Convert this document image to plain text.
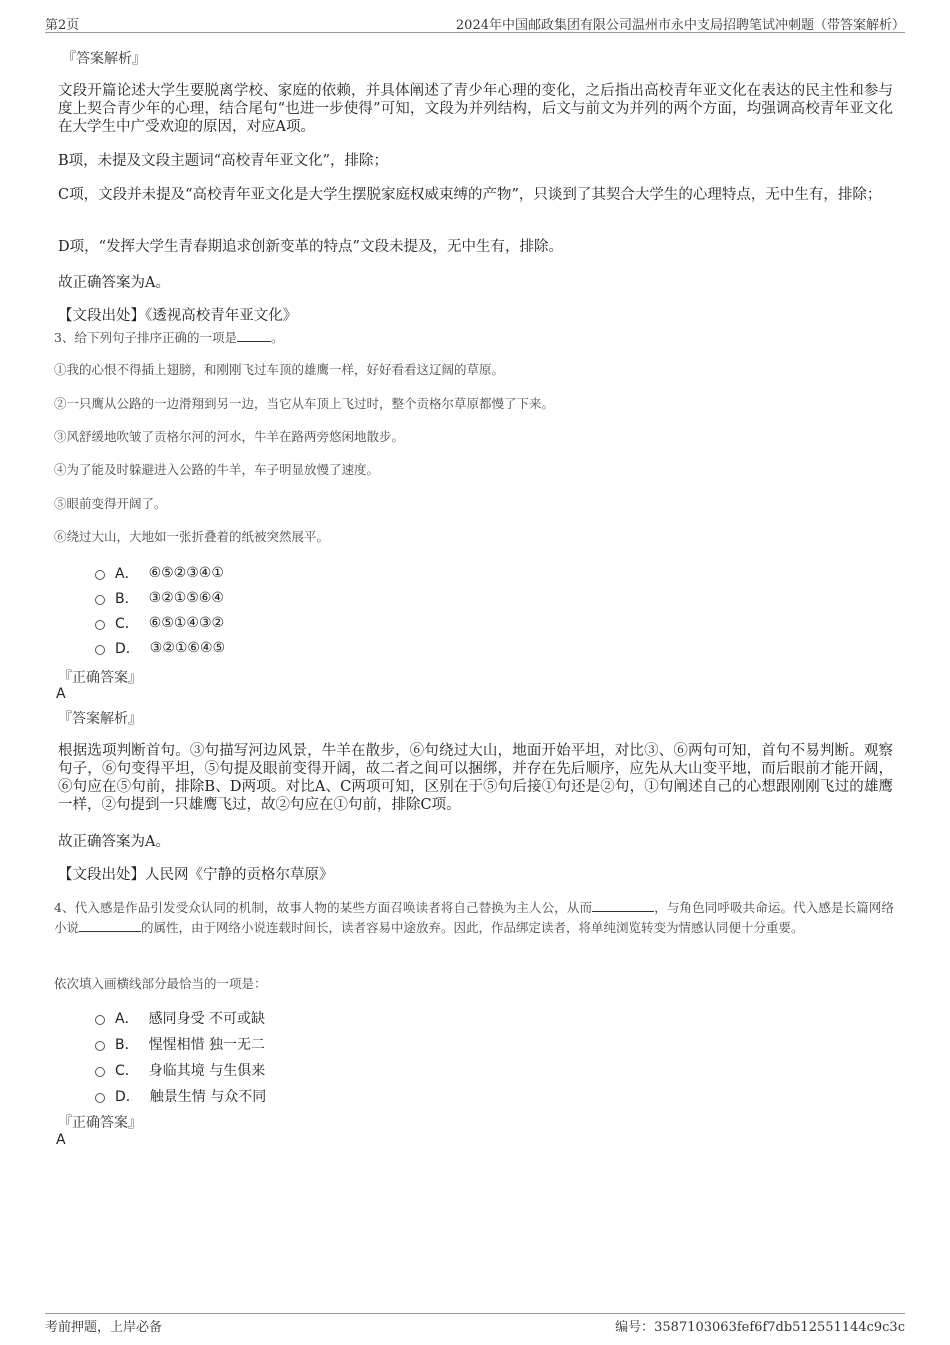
第2页	2024年中国邮政集团有限公司温州市永中支局招聘笔试冲刺题（带答案解析）
『答案解析』
文段开篇论述大学生要脱离学校、家庭的依赖，并具体阐述了青少年心理的变化，之后指出高校青年亚文化在表达的民主性和参与度上契合青少年的心理，结合尾句“也进一步使得”可知，文段为并列结构，后文与前文为并列的两个方面，均强调高校青年亚文化在大学生中广受欢迎的原因，对应A项。
B项，未提及文段主题词“高校青年亚文化”，排除；
C项，文段并未提及“高校青年亚文化是大学生摆脱家庭权威束缚的产物”，只谈到了其契合大学生的心理特点，无中生有，排除；
D项，“发挥大学生青春期追求创新变革的特点”文段未提及，无中生有，排除。
故正确答案为A。
【文段出处】《透视高校青年亚文化》
3、给下列句子排序正确的一项是	。
①我的心恨不得插上翅膀，和刚刚飞过车顶的雄鹰一样，好好看看这辽阔的草原。
②一只鹰从公路的一边滑翔到另一边，当它从车顶上飞过时，整个贡格尔草原都慢了下来。
③风舒缓地吹皱了贡格尔河的河水，牛羊在路两旁悠闲地散步。
④为了能及时躲避进入公路的牛羊，车子明显放慢了速度。
⑤眼前变得开阔了。
⑥绕过大山，大地如一张折叠着的纸被突然展平。
A． ⑥⑤②③④①
B． ③②①⑤⑥④
C． ⑥⑤①④③②
D． ③②①⑥④⑤
『正确答案』
A
『答案解析』
根据选项判断首句。③句描写河边风景，牛羊在散步，⑥句绕过大山，地面开始平坦，对比③、⑥两句可知，首句不易判断。观察句子，⑥句变得平坦，⑤句提及眼前变得开阔，故二者之间可以捆绑，并存在先后顺序，应先从大山变平地，而后眼前才能开阔，⑥句应在⑤句前，排除B、D两项。对比A、C两项可知，区别在于⑤句后接①句还是②句，①句阐述自己的心想跟刚刚飞过的雄鹰一样，②句提到一只雄鹰飞过，故②句应在①句前，排除C项。
故正确答案为A。
【文段出处】人民网《宁静的贡格尔草原》
4、代入感是作品引发受众认同的机制，故事人物的某些方面召唤读者将自己替换为主人公，从而	，与角色同呼吸共命运。代入感是长篇网络小说	的属性，由于网络小说连载时间长，读者容易中途放弃。因此，作品绑定读者，将单纯浏览转变为情感认同便十分重要。
依次填入画横线部分最恰当的一项是：
A． 感同身受 不可或缺
B． 惺惺相惜 独一无二
C． 身临其境 与生俱来
D． 触景生情 与众不同
『正确答案』
A
考前押题，上岸必备	编号：3587103063fef6f7db512551144c9c3c
